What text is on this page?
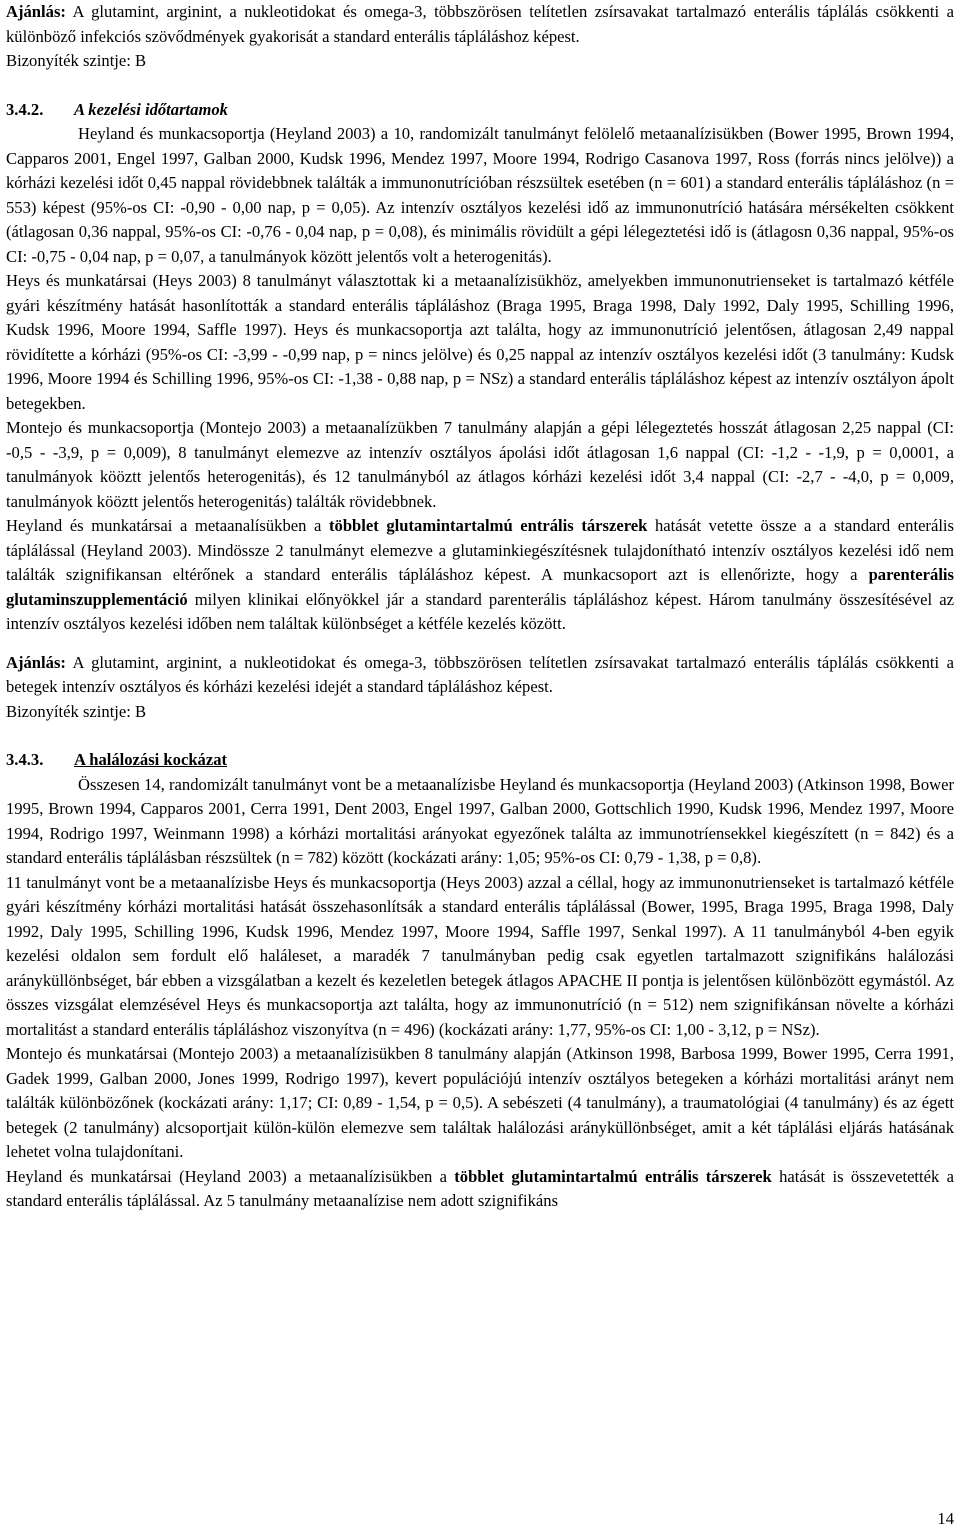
Ajánlás: A glutamint, arginint, a nukleotidokat és omega-3, többszörösen telítetlen zsírsavakat tartalmazó enterális táplálás csökkenti a különböző infekciós szövődmények gyakorisát a standard enterális tápláláshoz képest.

Bizonyíték szintje: B
3.4.2. A kezelési időtartamok

Heyland és munkacsoportja (Heyland 2003) a 10, randomizált tanulmányt felölelő metaanalízisükben (Bower 1995, Brown 1994, Capparos 2001, Engel 1997, Galban 2000, Kudsk 1996, Mendez 1997, Moore 1994, Rodrigo Casanova 1997, Ross (forrás nincs jelölve)) a kórházi kezelési időt 0,45 nappal rövidebbnek találták a immunonutrícióban részsültek esetében (n = 601) a standard enterális tápláláshoz (n = 553) képest (95%-os CI: -0,90 - 0,00 nap, p = 0,05). Az intenzív osztályos kezelési idő az immunonutríció hatására mérsékelten csökkent (átlagosan 0,36 nappal, 95%-os CI: -0,76 - 0,04 nap, p = 0,08), és minimális rövidült a gépi lélegeztetési idő is (átlagosn 0,36 nappal, 95%-os CI: -0,75 - 0,04 nap, p = 0,07, a tanulmányok között jelentős volt a heterogenitás).

Heys és munkatársai (Heys 2003) 8 tanulmányt választottak ki a metaanalízisükhöz, amelyekben immunonutrienseket is tartalmazó kétféle gyári készítmény hatását hasonlították a standard enterális tápláláshoz (Braga 1995, Braga 1998, Daly 1992, Daly 1995, Schilling 1996, Kudsk 1996, Moore 1994, Saffle 1997). Heys és munkacsoportja azt találta, hogy az immunonutríció jelentősen, átlagosan 2,49 nappal rövidítette a kórházi (95%-os CI: -3,99 - -0,99 nap, p = nincs jelölve) és 0,25 nappal az intenzív osztályos kezelési időt (3 tanulmány: Kudsk 1996, Moore 1994 és Schilling 1996, 95%-os CI: -1,38 - 0,88 nap, p = NSz) a standard enterális tápláláshoz képest az intenzív osztályon ápolt betegekben.

Montejo és munkacsoportja (Montejo 2003) a metaanalízükben 7 tanulmány alapján a gépi lélegeztetés hosszát átlagosan 2,25 nappal (CI: -0,5 - -3,9, p = 0,009), 8 tanulmányt elemezve az intenzív osztályos ápolási időt átlagosan 1,6 nappal (CI: -1,2 - -1,9, p = 0,0001, a tanulmányok kööztt jelentős heterogenitás), és 12 tanulmányból az átlagos kórházi kezelési időt 3,4 nappal (CI: -2,7 - -4,0, p = 0,009, tanulmányok kööztt jelentős heterogenitás) találták rövidebbnek.

Heyland és munkatársai a metaanalísükben a többlet glutamintartalmú entrális társzerek hatását vetette össze a a standard enterális táplálással (Heyland 2003). Mindössze 2 tanulmányt elemezve a glutaminkiegészítésnek tulajdonítható intenzív osztályos kezelési idő nem találták szignifikansan eltérőnek a standard enterális tápláláshoz képest. A munkacsoport azt is ellenőrizte, hogy a parenterális glutaminszupplementáció milyen klinikai előnyökkel jár a standard parenterális tápláláshoz képest. Három tanulmány összesítésével az intenzív osztályos kezelési időben nem találtak különbséget a kétféle kezelés között.

Ajánlás: A glutamint, arginint, a nukleotidokat és omega-3, többszörösen telítetlen zsírsavakat tartalmazó enterális táplálás csökkenti a betegek intenzív osztályos és kórházi kezelési idejét a standard tápláláshoz képest.

Bizonyíték szintje: B
3.4.3. A halálozási kockázat

Összesen 14, randomizált tanulmányt vont be a metaanalízisbe Heyland és munkacsoportja (Heyland 2003) (Atkinson 1998, Bower 1995, Brown 1994, Capparos 2001, Cerra 1991, Dent 2003, Engel 1997, Galban 2000, Gottschlich 1990, Kudsk 1996, Mendez 1997, Moore 1994, Rodrigo 1997, Weinmann 1998) a kórházi mortalitási arányokat egyezőnek találta az immunotríensekkel kiegészített (n = 842) és a standard enterális táplálásban részsültek (n = 782) között (kockázati arány: 1,05; 95%-os CI: 0,79 - 1,38, p = 0,8).

11 tanulmányt vont be a metaanalízisbe Heys és munkacsoportja (Heys 2003) azzal a céllal, hogy az immunonutrienseket is tartalmazó kétféle gyári készítmény kórházi mortalitási hatását összehasonlítsák a standard enterális táplálással (Bower, 1995, Braga 1995, Braga 1998, Daly 1992, Daly 1995, Schilling 1996, Kudsk 1996, Mendez 1997, Moore 1994, Saffle 1997, Senkal 1997). A 11 tanulmányból 4-ben egyik kezelési oldalon sem fordult elő haláleset, a maradék 7 tanulmányban pedig csak egyetlen tartalmazott szignifikáns halálozási arányküllönbséget, bár ebben a vizsgálatban a kezelt és kezeletlen betegek átlagos APACHE II pontja is jelentősen különbözött egymástól. Az összes vizsgálat elemzésével Heys és munkacsoportja azt találta, hogy az immunonutríció (n = 512) nem szignifikánsan növelte a kórházi mortalitást a standard enterális tápláláshoz viszonyítva (n = 496) (kockázati arány: 1,77, 95%-os CI: 1,00 - 3,12, p = NSz).

Montejo és munkatársai (Montejo 2003) a metaanalízisükben 8 tanulmány alapján (Atkinson 1998, Barbosa 1999, Bower 1995, Cerra 1991, Gadek 1999, Galban 2000, Jones 1999, Rodrigo 1997), kevert populációjú intenzív osztályos betegeken a kórházi mortalitási arányt nem találták különbözőnek (kockázati arány: 1,17; CI: 0,89 - 1,54, p = 0,5). A sebészeti (4 tanulmány), a traumatológiai (4 tanulmány) és az égett betegek (2 tanulmány) alcsoportjait külön-külön elemezve sem találtak halálozási arányküllönbséget, amit a két táplálási eljárás hatásának lehetet volna tulajdonítani.

Heyland és munkatársai (Heyland 2003) a metaanalízisükben a többlet glutamintartalmú entrális társzerek hatását is összevetették a standard enterális táplálással. Az 5 tanulmány metaanalízise nem adott szignifikáns

14
